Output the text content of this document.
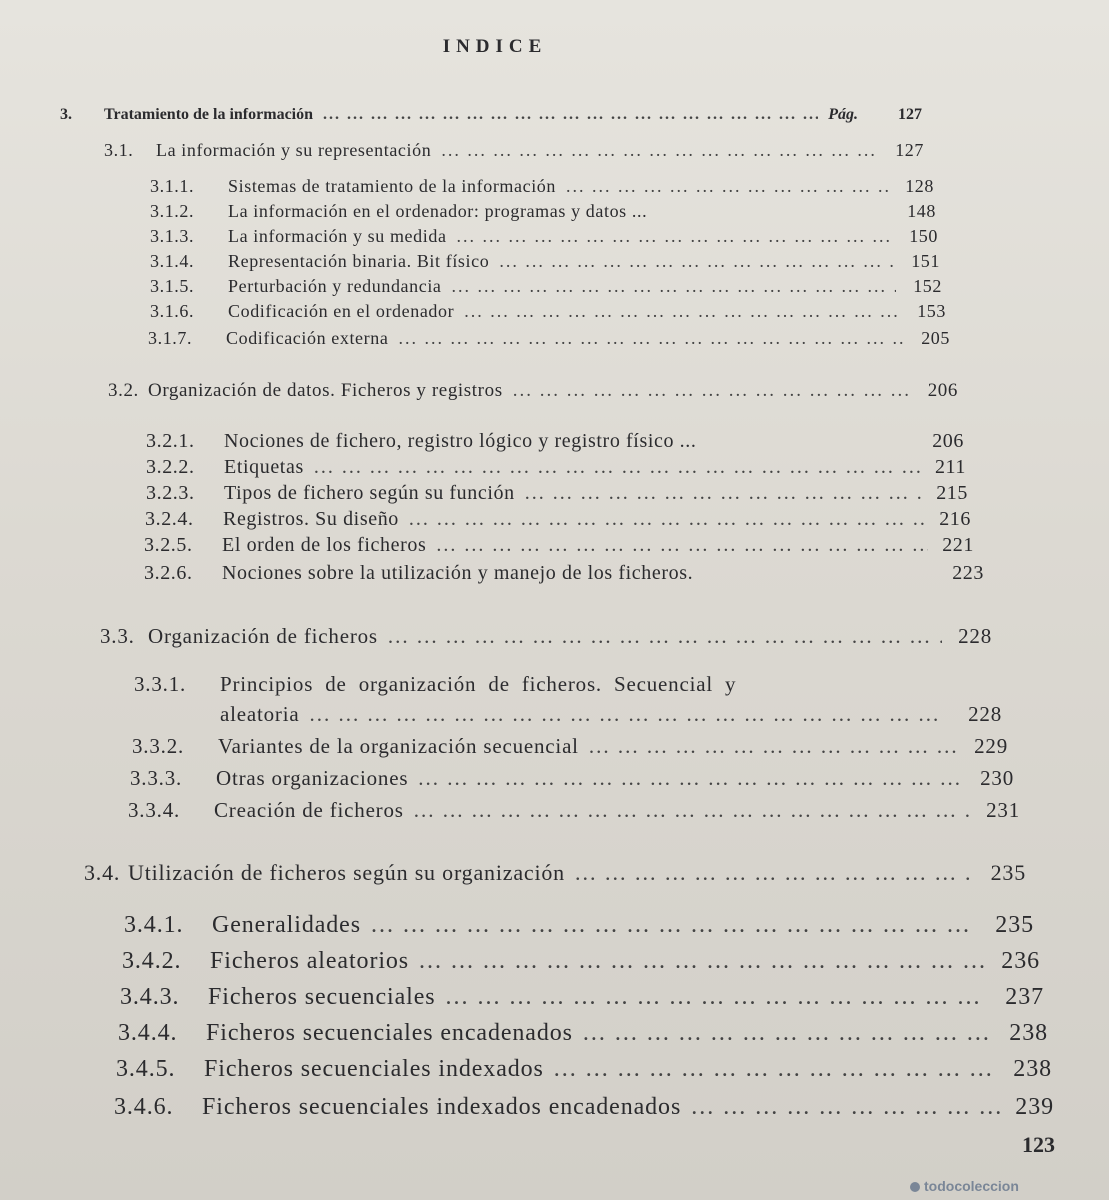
INDICE
3.	Tratamiento de la información ... .	Pág.	127
3.1.	La información y su representación ... .	127
3.1.1.	Sistemas de tratamiento de la información ... .	128
3.1.2.	La información en el ordenador: programas y datos ...	148
3.1.3.	La información y su medida ... .	150
3.1.4.	Representación binaria. Bit físico ... .	151
3.1.5.	Perturbación y redundancia ... .	152
3.1.6.	Codificación en el ordenador ... .	153
3.1.7.	Codificación externa ... .	205
3.2. Organización de datos. Ficheros y registros ... .	206
3.2.1.	Nociones de fichero, registro lógico y registro físico ...	206
3.2.2.	Etiquetas ... .	211
3.2.3.	Tipos de fichero según su función ... .	215
3.2.4.	Registros. Su diseño ... .	216
3.2.5.	El orden de los ficheros ... .	221
3.2.6.	Nociones sobre la utilización y manejo de los ficheros.	223
3.3. Organización de ficheros ... .	228
3.3.1.	Principios de organización de ficheros. Secuencial y
aleatoria ... .	228
3.3.2.	Variantes de la organización secuencial ... .	229
3.3.3.	Otras organizaciones ... .	230
3.3.4.	Creación de ficheros ... .	231
3.4. Utilización de ficheros según su organización ... .	235
3.4.1.	Generalidades ... .	235
3.4.2.	Ficheros aleatorios ... .	236
3.4.3.	Ficheros secuenciales ... .	237
3.4.4.	Ficheros secuenciales encadenados ... .	238
3.4.5.	Ficheros secuenciales indexados ... .	238
3.4.6.	Ficheros secuenciales indexados encadenados ... .	239
123
todocoleccion
